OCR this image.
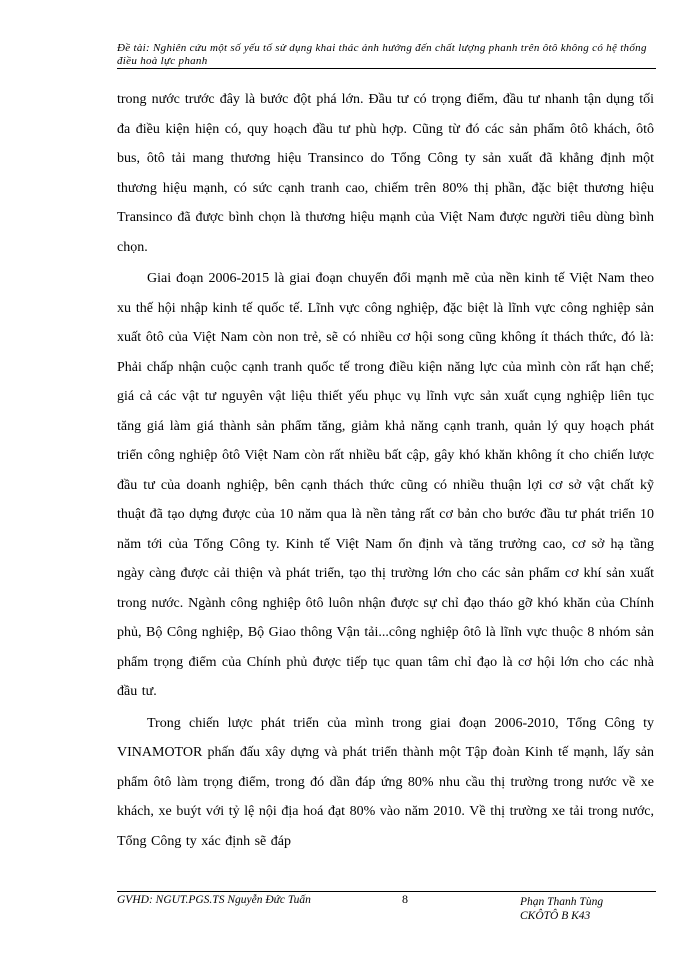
Đề tài: Nghiên cứu một số yếu tố sử dụng khai thác ảnh hưởng đến chất lượng phanh trên ôtô không có hệ thống điều hoà lực phanh

trong nước trước đây là bước đột phá lớn. Đầu tư có trọng điểm, đầu tư nhanh tận dụng tối đa điều kiện hiện có, quy hoạch đầu tư phù hợp. Cũng từ đó các sản phẩm ôtô khách, ôtô bus, ôtô tải mang thương hiệu Transinco do Tổng Công ty sản xuất đã khẳng định một thương hiệu mạnh, có sức cạnh tranh cao, chiếm trên 80% thị phần, đặc biệt thương hiệu Transinco đã được bình chọn là thương hiệu mạnh của Việt Nam được người tiêu dùng bình chọn.

Giai đoạn 2006-2015 là giai đoạn chuyển đổi mạnh mẽ của nền kinh tế Việt Nam theo xu thế hội nhập kinh tế quốc tế. Lĩnh vực công nghiệp, đặc biệt là lĩnh vực công nghiệp sản xuất ôtô của Việt Nam còn non trẻ, sẽ có nhiều cơ hội song cũng không ít thách thức, đó là: Phải chấp nhận cuộc cạnh tranh quốc tế trong điều kiện năng lực của mình còn rất hạn chế; giá cả các vật tư nguyên vật liệu thiết yếu phục vụ lĩnh vực sản xuất cụng nghiệp liên tục tăng giá làm giá thành sản phẩm tăng, giảm khả năng cạnh tranh, quản lý quy hoạch phát triển công nghiệp ôtô Việt Nam còn rất nhiều bất cập, gây khó khăn không ít cho chiến lược đầu tư của doanh nghiệp, bên cạnh thách thức cũng có nhiều thuận lợi cơ sở vật chất kỹ thuật đã tạo dựng được của 10 năm qua là nền tảng rất cơ bản cho bước đầu tư phát triển 10 năm tới của Tổng Công ty. Kinh tế Việt Nam ổn định và tăng trưởng cao, cơ sở hạ tầng ngày càng được cải thiện và phát triển, tạo thị trường lớn cho các sản phẩm cơ khí sản xuất trong nước. Ngành công nghiệp ôtô luôn nhận được sự chỉ đạo tháo gỡ khó khăn của Chính phủ, Bộ Công nghiệp, Bộ Giao thông Vận tải...công nghiệp ôtô là lĩnh vực thuộc 8 nhóm sản phẩm trọng điểm của Chính phủ được tiếp tục quan tâm chỉ đạo là cơ hội lớn cho các nhà đầu tư.

Trong chiến lược phát triển của mình trong giai đoạn 2006-2010, Tổng Công ty VINAMOTOR phấn đấu xây dựng và phát triển thành một Tập đoàn Kinh tế mạnh, lấy sản phẩm ôtô làm trọng điểm, trong đó dần đáp ứng 80% nhu cầu thị trường trong nước về xe khách, xe buýt với tỷ lệ nội địa hoá đạt 80% vào năm 2010. Về thị trường xe tải trong nước, Tổng Công ty xác định sẽ đáp

GVHD: NGUT.PGS.TS Nguyễn Đức Tuấn	8	Phạn Thanh Tùng
CKÔTÔ B K43
